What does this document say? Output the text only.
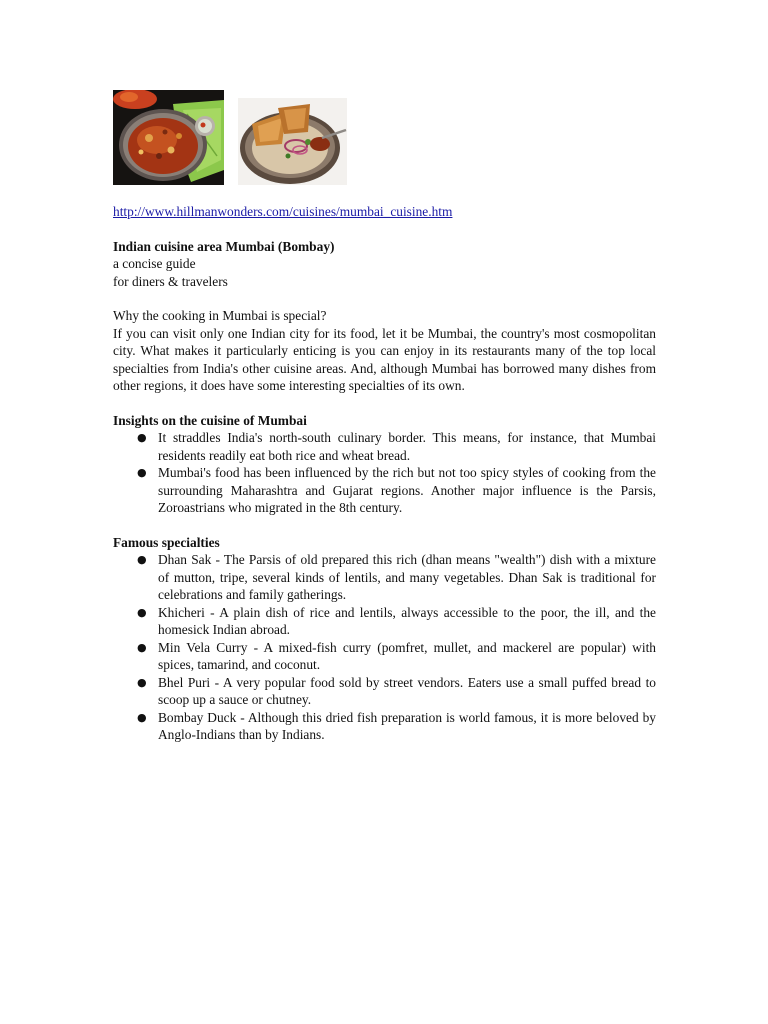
http://www.hillmanwonders.com/cuisines/mumbai_cuisine.htm
Indian cuisine area Mumbai (Bombay)
a concise guide
for diners & travelers
Why the cooking in Mumbai is special?

If you can visit only one Indian city for its food, let it be Mumbai, the country's most cosmopolitan city. What makes it particularly enticing is you can enjoy in its restaurants many of the top local specialties from India's other cuisine areas. And, although Mumbai has borrowed many dishes from other regions, it does have some interesting specialties of its own.

Insights on the cuisine of Mumbai
● It straddles India's north-south culinary border. This means, for instance, that Mumbai residents readily eat both rice and wheat bread.
● Mumbai's food has been influenced by the rich but not too spicy styles of cooking from the surrounding Maharashtra and Gujarat regions. Another major influence is the Parsis, Zoroastrians who migrated in the 8th century.
Famous specialties
● Dhan Sak - The Parsis of old prepared this rich (dhan means "wealth") dish with a mixture of mutton, tripe, several kinds of lentils, and many vegetables. Dhan Sak is traditional for celebrations and family gatherings.
● Khicheri - A plain dish of rice and lentils, always accessible to the poor, the ill, and the homesick Indian abroad.
● Min Vela Curry - A mixed-fish curry (pomfret, mullet, and mackerel are popular) with spices, tamarind, and coconut.
● Bhel Puri - A very popular food sold by street vendors. Eaters use a small puffed bread to scoop up a sauce or chutney.
● Bombay Duck - Although this dried fish preparation is world famous, it is more beloved by Anglo-Indians than by Indians.
